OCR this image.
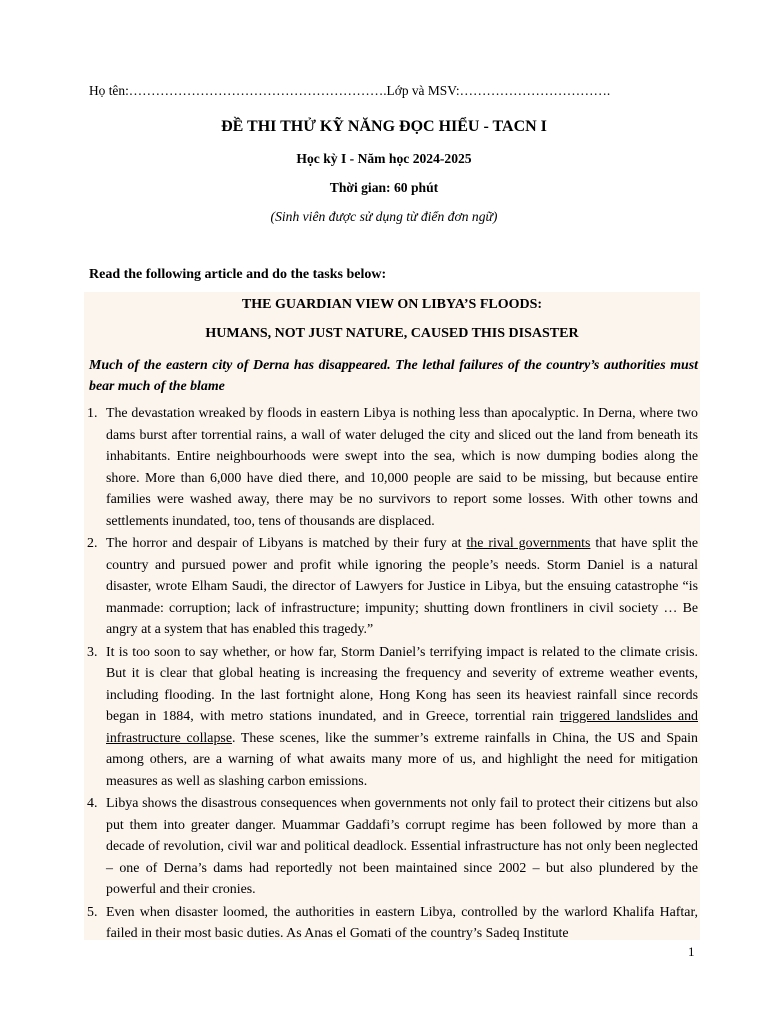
Họ tên:………………………………………………….Lớp và MSV:…………………………….
ĐỀ THI THỬ KỸ NĂNG ĐỌC HIỂU - TACN I
Học kỳ I - Năm học 2024-2025
Thời gian: 60 phút
(Sinh viên được sử dụng từ điển đơn ngữ)
Read the following article and do the tasks below:
THE GUARDIAN VIEW ON LIBYA’S FLOODS:
HUMANS, NOT JUST NATURE, CAUSED THIS DISASTER
Much of the eastern city of Derna has disappeared. The lethal failures of the country’s authorities must bear much of the blame
1. The devastation wreaked by floods in eastern Libya is nothing less than apocalyptic. In Derna, where two dams burst after torrential rains, a wall of water deluged the city and sliced out the land from beneath its inhabitants. Entire neighbourhoods were swept into the sea, which is now dumping bodies along the shore. More than 6,000 have died there, and 10,000 people are said to be missing, but because entire families were washed away, there may be no survivors to report some losses. With other towns and settlements inundated, too, tens of thousands are displaced.
2. The horror and despair of Libyans is matched by their fury at the rival governments that have split the country and pursued power and profit while ignoring the people’s needs. Storm Daniel is a natural disaster, wrote Elham Saudi, the director of Lawyers for Justice in Libya, but the ensuing catastrophe “is manmade: corruption; lack of infrastructure; impunity; shutting down frontliners in civil society … Be angry at a system that has enabled this tragedy.”
3. It is too soon to say whether, or how far, Storm Daniel’s terrifying impact is related to the climate crisis. But it is clear that global heating is increasing the frequency and severity of extreme weather events, including flooding. In the last fortnight alone, Hong Kong has seen its heaviest rainfall since records began in 1884, with metro stations inundated, and in Greece, torrential rain triggered landslides and infrastructure collapse. These scenes, like the summer’s extreme rainfalls in China, the US and Spain among others, are a warning of what awaits many more of us, and highlight the need for mitigation measures as well as slashing carbon emissions.
4. Libya shows the disastrous consequences when governments not only fail to protect their citizens but also put them into greater danger. Muammar Gaddafi’s corrupt regime has been followed by more than a decade of revolution, civil war and political deadlock. Essential infrastructure has not only been neglected – one of Derna’s dams had reportedly not been maintained since 2002 – but also plundered by the powerful and their cronies.
5. Even when disaster loomed, the authorities in eastern Libya, controlled by the warlord Khalifa Haftar, failed in their most basic duties. As Anas el Gomati of the country’s Sadeq Institute
1
